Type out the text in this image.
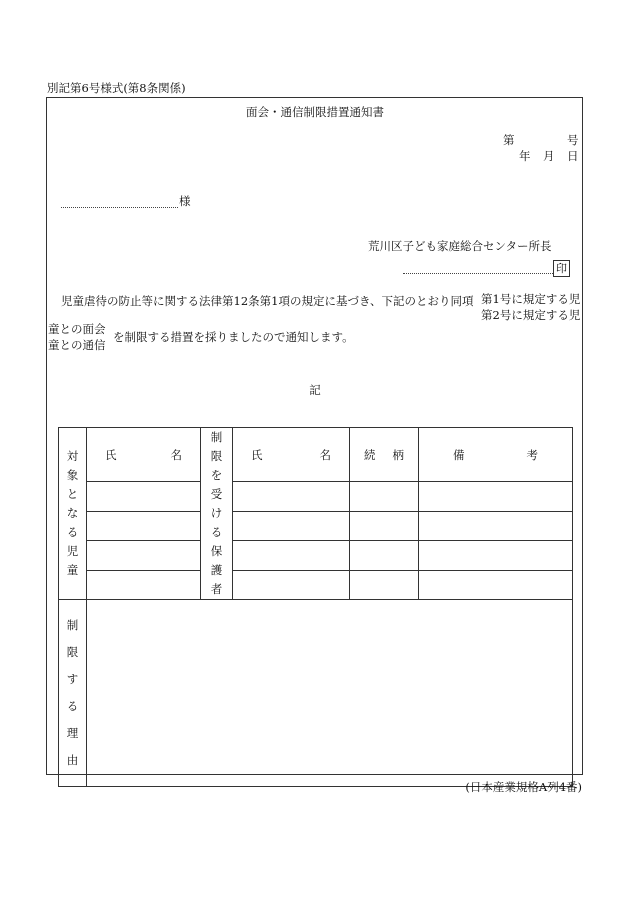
別記第6号様式(第8条関係)
面会・通信制限措置通知書
第	号
年 月 日
様
荒川区子ども家庭総合センター所長
印
児童虐待の防止等に関する法律第12条第1項の規定に基づき、下記のとおり同項 第1号に規定する児
第2号に規定する児
童との面会
童との通信
を制限する措置を採りましたので通知します。
記
対象となる児童	氏 名	制限を受ける保護者	氏 名	続 柄	備 考

制限する理由					
(日本産業規格A列4番)
